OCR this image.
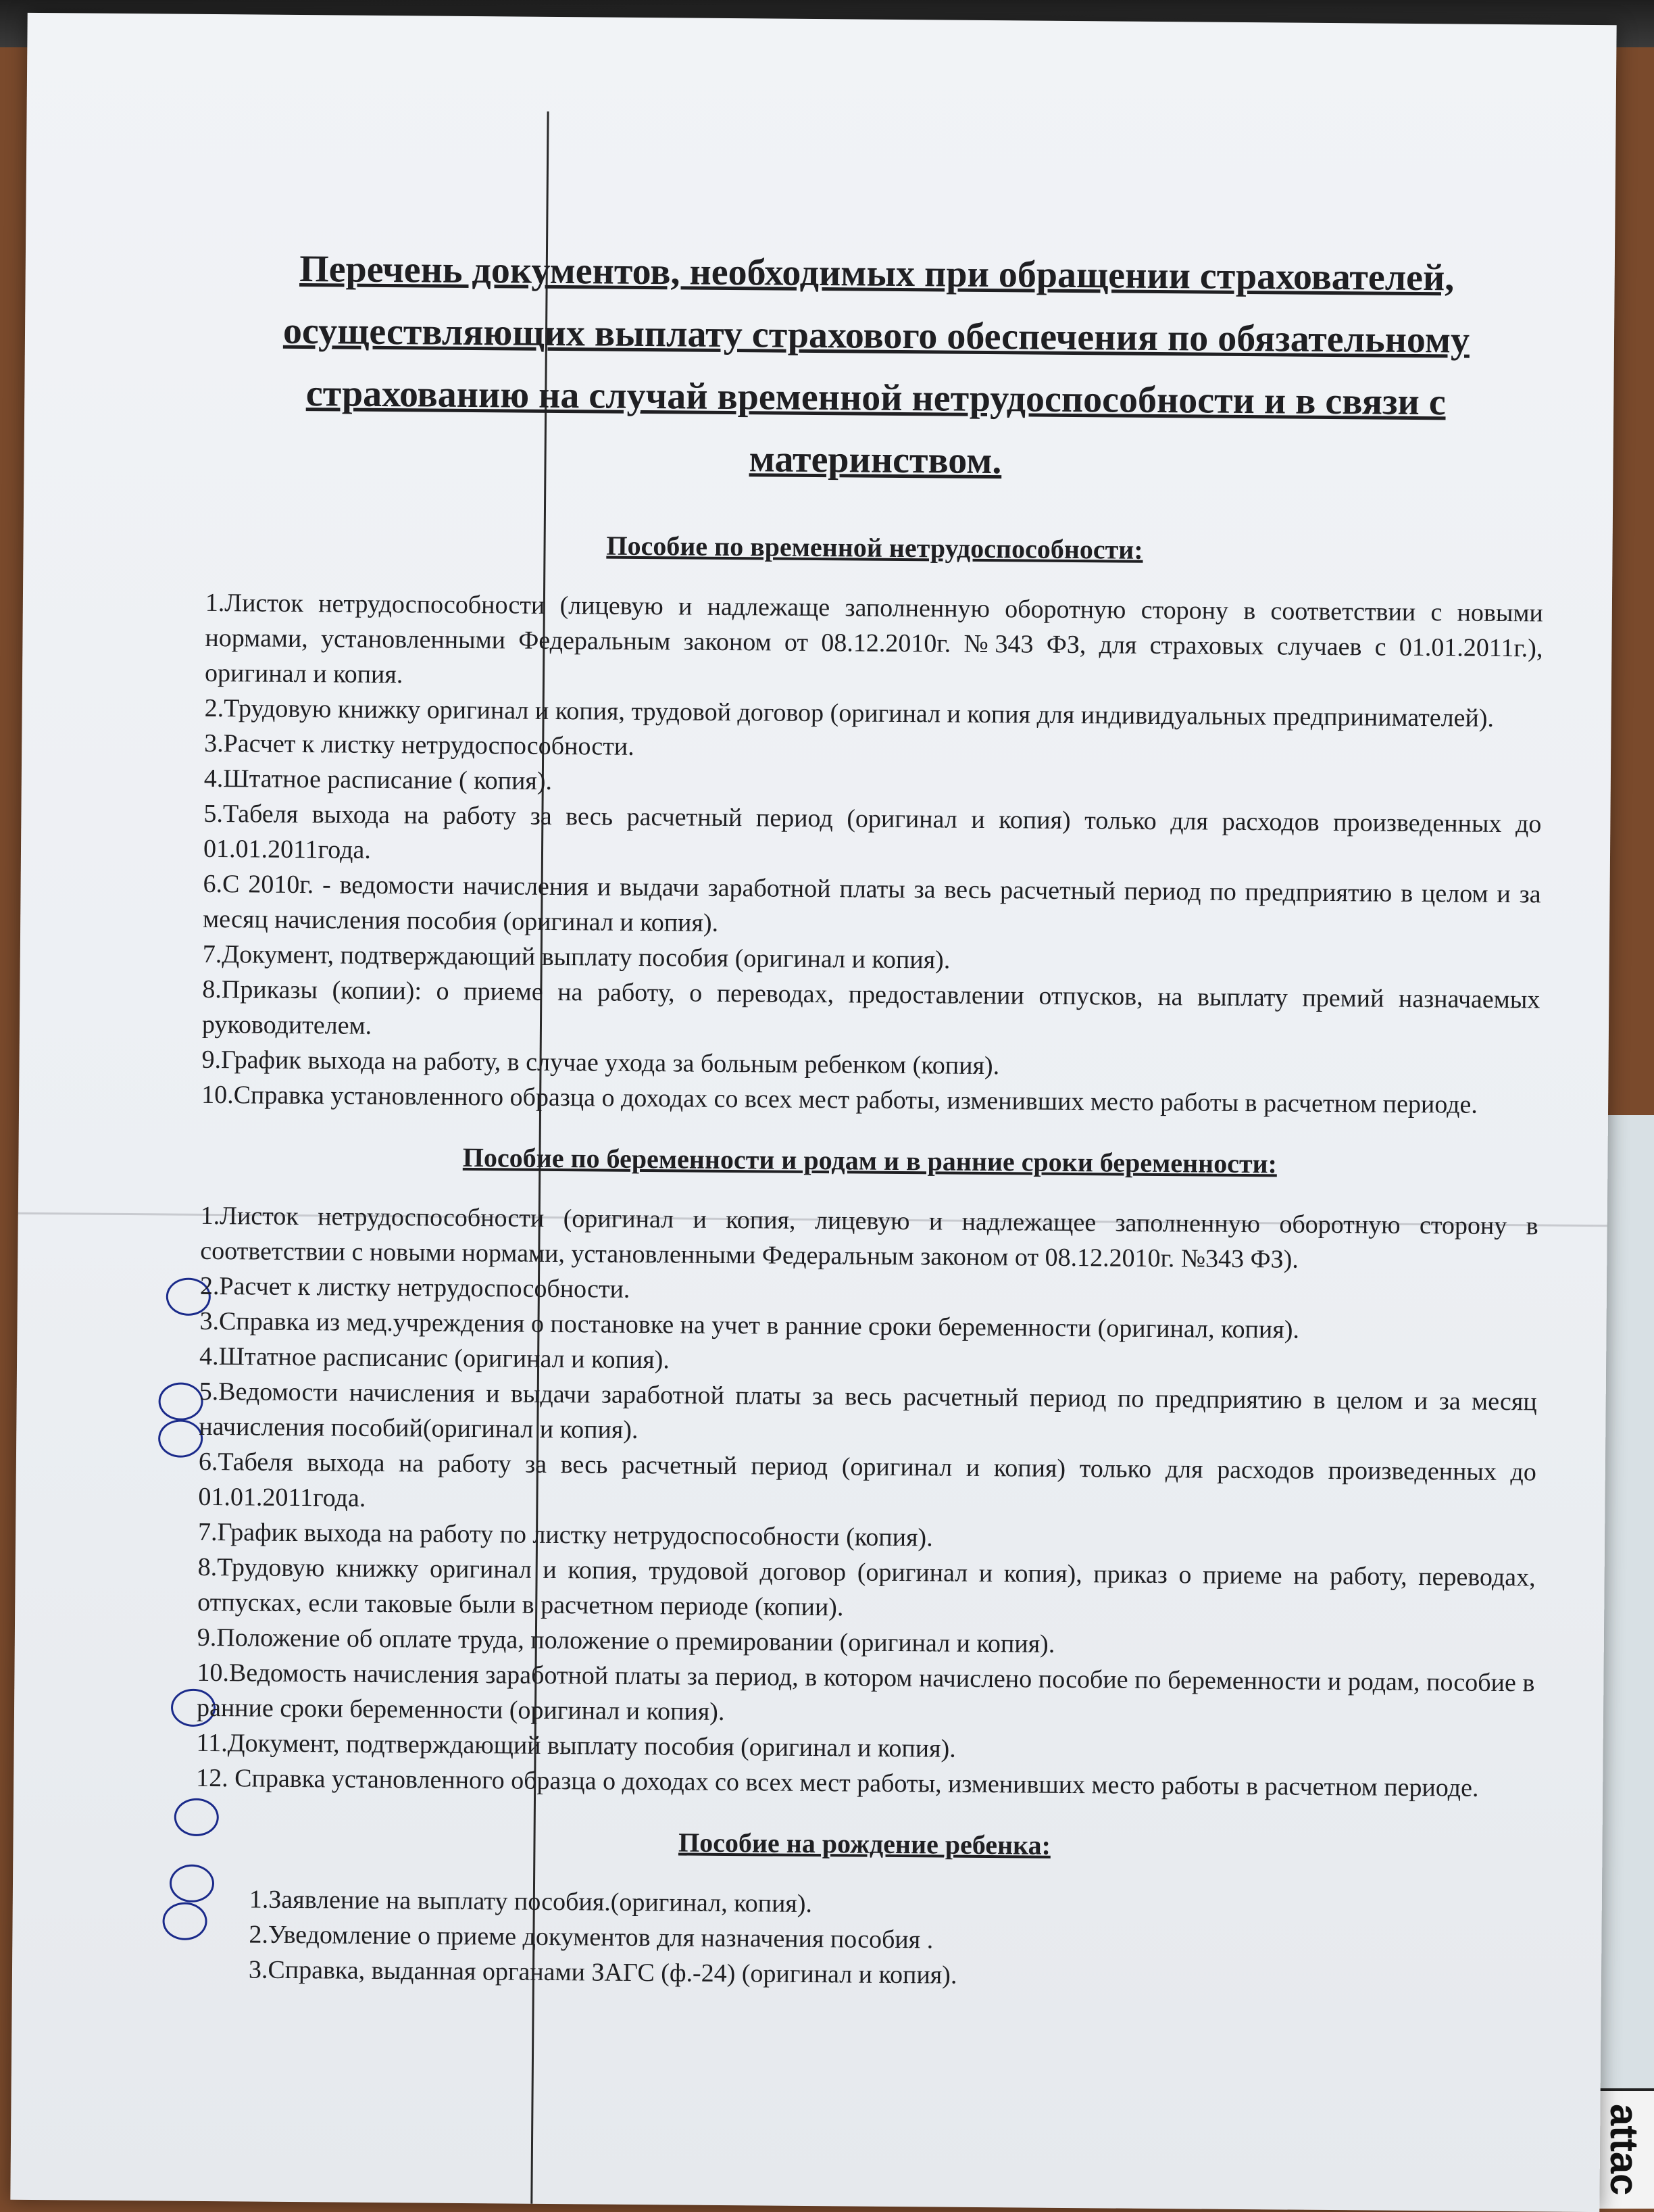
attac
Перечень документов, необходимых при обращении страхователей, осуществляющих выплату страхового обеспечения по обязательному страхованию на случай временной нетрудоспособности и в связи с материнством.
Пособие по временной нетрудоспособности:
1.Листок нетрудоспособности (лицевую и надлежаще заполненную оборотную сторону в соответствии с новыми нормами, установленными Федеральным законом от 08.12.2010г. №343 ФЗ, для страховых случаев с 01.01.2011г.), оригинал и копия.
2.Трудовую книжку оригинал и копия, трудовой договор (оригинал и копия для индивидуальных предпринимателей).
3.Расчет к листку нетрудоспособности.
4.Штатное расписание ( копия).
5.Табеля выхода на работу за весь расчетный период (оригинал и копия) только для расходов произведенных до 01.01.2011года.
6.С 2010г. - ведомости начисления и выдачи заработной платы за весь расчетный период по предприятию в целом и за месяц начисления пособия (оригинал и копия).
7.Документ, подтверждающий выплату пособия (оригинал и копия).
8.Приказы (копии): о приеме на работу, о переводах, предоставлении отпусков, на выплату премий назначаемых руководителем.
9.График выхода на работу, в случае ухода за больным ребенком (копия).
10.Справка установленного образца о доходах со всех мест работы, изменивших место работы в расчетном периоде.
Пособие по беременности и родам и в ранние сроки беременности:
1.Листок нетрудоспособности (оригинал и копия, лицевую и надлежащее заполненную оборотную сторону в соответствии с новыми нормами, установленными Федеральным законом от 08.12.2010г. №343 ФЗ).
2.Расчет к листку нетрудоспособности.
3.Справка из мед.учреждения о постановке на учет в ранние сроки беременности (оригинал, копия).
4.Штатное расписанис (оригинал и копия).
5.Ведомости начисления и выдачи заработной платы за весь расчетный период по предприятию в целом и за месяц начисления пособий(оригинал и копия).
6.Табеля выхода на работу за весь расчетный период (оригинал и копия) только для расходов произведенных до 01.01.2011года.
7.График выхода на работу по листку нетрудоспособности (копия).
8.Трудовую книжку оригинал и копия, трудовой договор (оригинал и копия), приказ о приеме на работу, переводах, отпусках, если таковые были в расчетном периоде (копии).
9.Положение об оплате труда, положение о премировании (оригинал и копия).
10.Ведомость начисления заработной платы за период, в котором начислено пособие по беременности и родам, пособие в ранние сроки беременности (оригинал и копия).
11.Документ, подтверждающий выплату пособия (оригинал и копия).
12. Справка установленного образца о доходах со всех мест работы, изменивших место работы в расчетном периоде.
Пособие на рождение ребенка:
1.Заявление на выплату пособия.(оригинал, копия).
2.Уведомление о приеме документов для назначения пособия .
3.Справка, выданная органами ЗАГС (ф.-24) (оригинал и копия).
